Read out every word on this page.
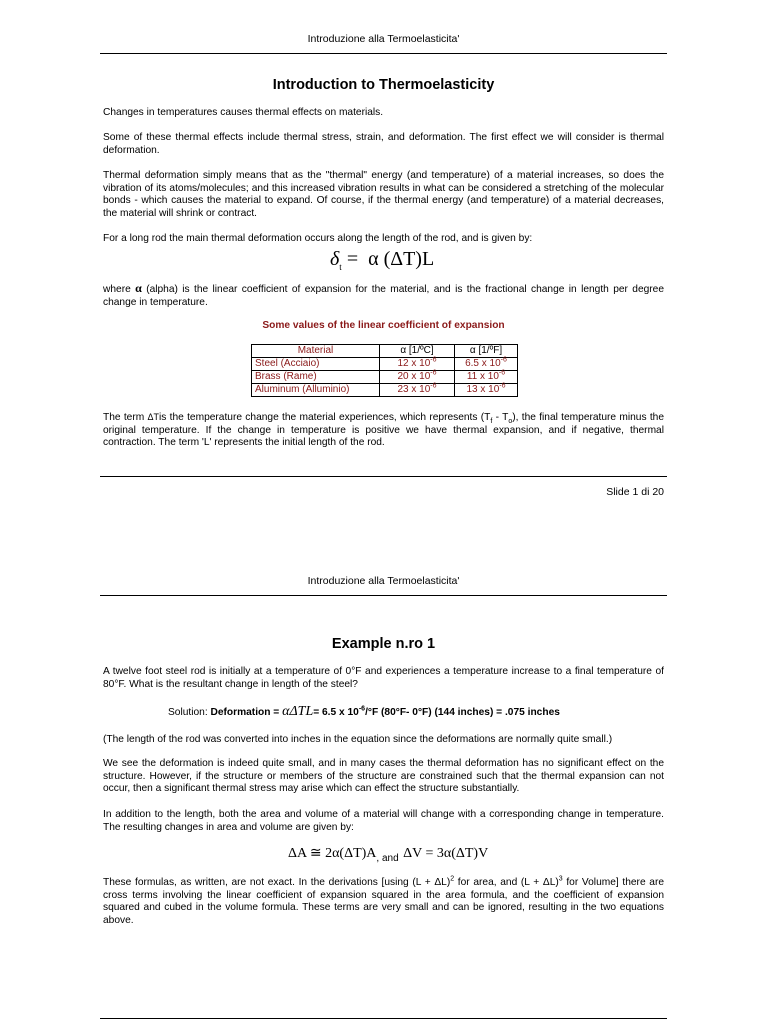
Introduzione alla Termoelasticita'
Introduction to Thermoelasticity
Changes in temperatures causes thermal effects on materials.
Some of these thermal effects include thermal stress, strain, and deformation. The first effect we will consider is thermal deformation.
Thermal deformation simply means that as the "thermal" energy (and temperature) of a material increases, so does the vibration of its atoms/molecules; and this increased vibration results in what can be considered a stretching of the molecular bonds - which causes the material to expand. Of course, if the thermal energy (and temperature) of a material decreases, the material will shrink or contract.
For a long rod the main thermal deformation occurs along the length of the rod, and is given by:
$\delta_t = \alpha$ (ΔT)L
where α (alpha) is the linear coefficient of expansion for the material, and is the fractional change in length per degree change in temperature.
Some values of the linear coefficient of expansion
Material	α [1/ºC]	α [1/ºF]
Steel (Acciaio)	12 x $10^{-6}$	6.5 x $10^{-6}$
Brass (Rame)	20 x $10^{-6}$	11 x $10^{-6}$
Aluminum (Alluminio)	23 x $10^{-6}$	13 x $10^{-6}$
The term ΔTis the temperature change the material experiences, which represents $(T_f - T_o)$, the final temperature minus the original temperature. If the change in temperature is positive we have thermal expansion, and if negative, thermal contraction. The term 'L' represents the initial length of the rod.
Slide 1 di 20
Introduzione alla Termoelasticita'
Example n.ro 1
A twelve foot steel rod is initially at a temperature of 0°F and experiences a temperature increase to a final temperature of 80°F. What is the resultant change in length of the steel?
Solution: Deformation = αΔTL= 6.5 x $10^{-6}/^\circ F$ (80°F- 0°F) (144 inches) = .075 inches
(The length of the rod was converted into inches in the equation since the deformations are normally quite small.)
We see the deformation is indeed quite small, and in many cases the thermal deformation has no significant effect on the structure. However, if the structure or members of the structure are constrained such that the thermal expansion can not occur, then a significant thermal stress may arise which can effect the structure substantially.
In addition to the length, both the area and volume of a material will change with a corresponding change in temperature. The resulting changes in area and volume are given by:
ΔA ≅ $2\alpha(\Delta T)A_{, and}$ ΔV = 3α(ΔT)V
These formulas, as written, are not exact. In the derivations [using $(L + \Delta L)^2$ for area, and $(L + \Delta L)^3$ for Volume] there are cross terms involving the linear coefficient of expansion squared in the area formula, and the coefficient of expansion squared and cubed in the volume formula. These terms are very small and can be ignored, resulting in the two equations above.
